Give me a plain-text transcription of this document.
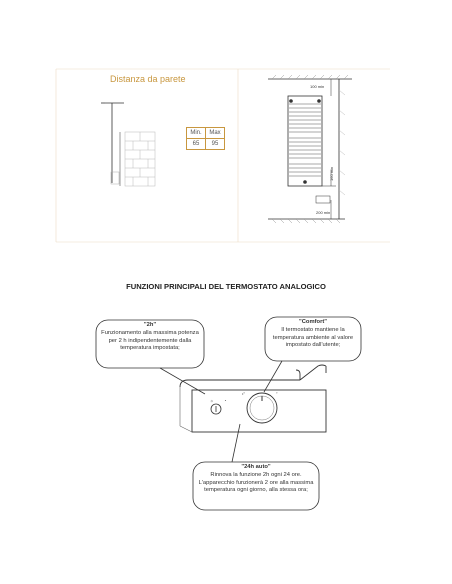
100 min
160 min
200 min
Distanza da parete
Min.	Max
65	95
FUNZIONI PRINCIPALI DEL TERMOSTATO ANALOGICO
☼	◔
•°	°
"2h"
Funzionamento alla massima potenza per 2 h indipendentemente dalla temperatura impostata;
"Comfort"
Il termostato mantiene la temperatura ambiente al valore impostato dall'utente;
"24h auto"
Rinnova la funzione 2h ogni 24 ore. L'apparecchio funzionerà 2 ore alla massima temperatura ogni giorno, alla stessa ora;
